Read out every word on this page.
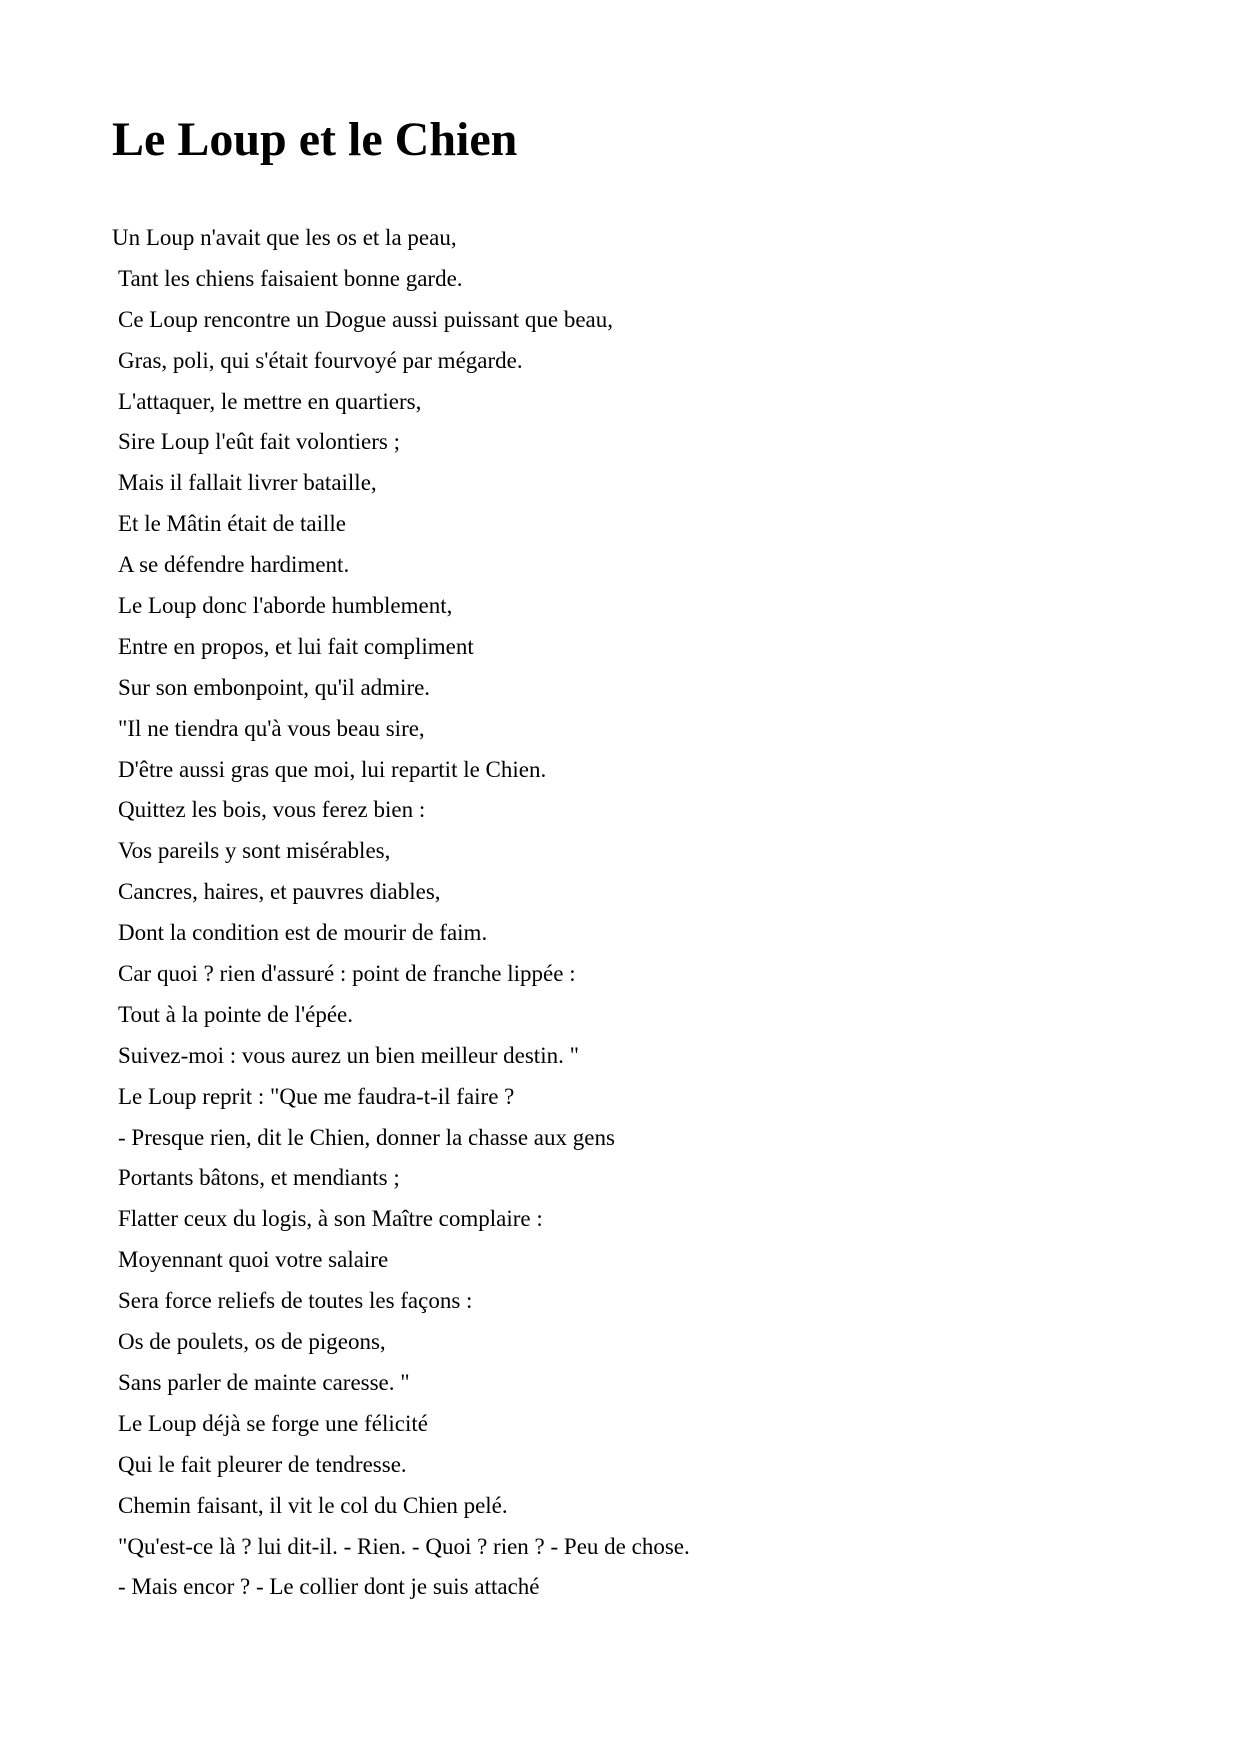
Le Loup et le Chien
Un Loup n'avait que les os et la peau,
Tant les chiens faisaient bonne garde.
Ce Loup rencontre un Dogue aussi puissant que beau,
Gras, poli, qui s'était fourvoyé par mégarde.
L'attaquer, le mettre en quartiers,
Sire Loup l'eût fait volontiers ;
Mais il fallait livrer bataille,
Et le Mâtin était de taille
A se défendre hardiment.
Le Loup donc l'aborde humblement,
Entre en propos, et lui fait compliment
Sur son embonpoint, qu'il admire.
"Il ne tiendra qu'à vous beau sire,
D'être aussi gras que moi, lui repartit le Chien.
Quittez les bois, vous ferez bien :
Vos pareils y sont misérables,
Cancres, haires, et pauvres diables,
Dont la condition est de mourir de faim.
Car quoi ? rien d'assuré : point de franche lippée :
Tout à la pointe de l'épée.
Suivez-moi : vous aurez un bien meilleur destin. "
Le Loup reprit : "Que me faudra-t-il faire ?
- Presque rien, dit le Chien, donner la chasse aux gens
Portants bâtons, et mendiants ;
Flatter ceux du logis, à son Maître complaire :
Moyennant quoi votre salaire
Sera force reliefs de toutes les façons :
Os de poulets, os de pigeons,
Sans parler de mainte caresse. "
Le Loup déjà se forge une félicité
Qui le fait pleurer de tendresse.
Chemin faisant, il vit le col du Chien pelé.
"Qu'est-ce là ? lui dit-il. - Rien. - Quoi ? rien ? - Peu de chose.
- Mais encor ? - Le collier dont je suis attaché
